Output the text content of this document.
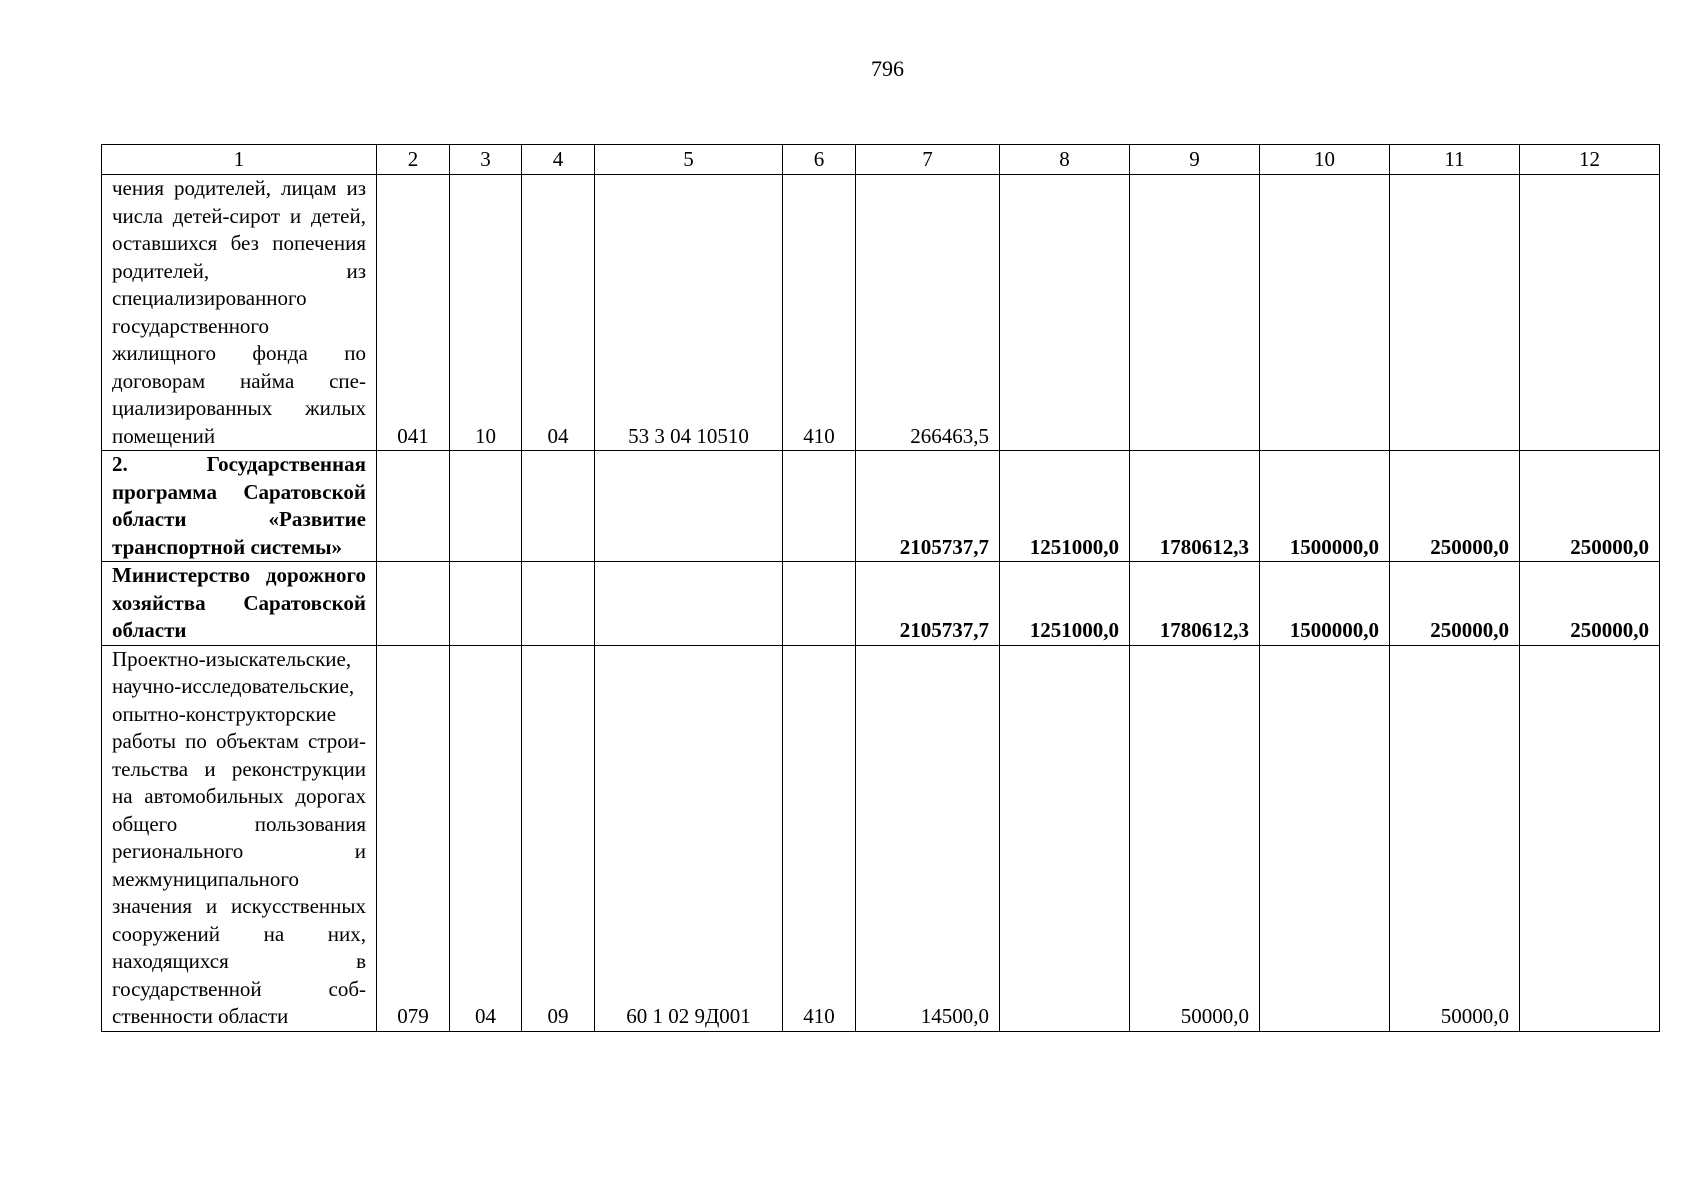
796
1	2	3	4	5	6	7	8	9	10	11	12
чения родителей, лицам из числа детей-сирот и детей, оставшихся без попечения родителей, из специализированного государственного жилищного фонда по договорам найма специализированных жилых помещений	041	10	04	53 3 04 10510	410	266463,5					
2. Государственная программа Саратовской области «Развитие транспортной системы»						2105737,7	1251000,0	1780612,3	1500000,0	250000,0	250000,0
Министерство дорожного хозяйства Саратовской области						2105737,7	1251000,0	1780612,3	1500000,0	250000,0	250000,0
Проектно-изыскательские, научно-исследовательские, опытно-конструкторские работы по объектам строительства и реконструкции на автомобильных дорогах общего пользования регионального и межмуниципального значения и искусственных сооружений на них, находящихся в государственной собственности области	079	04	09	60 1 02 9Д001	410	14500,0		50000,0		50000,0	
